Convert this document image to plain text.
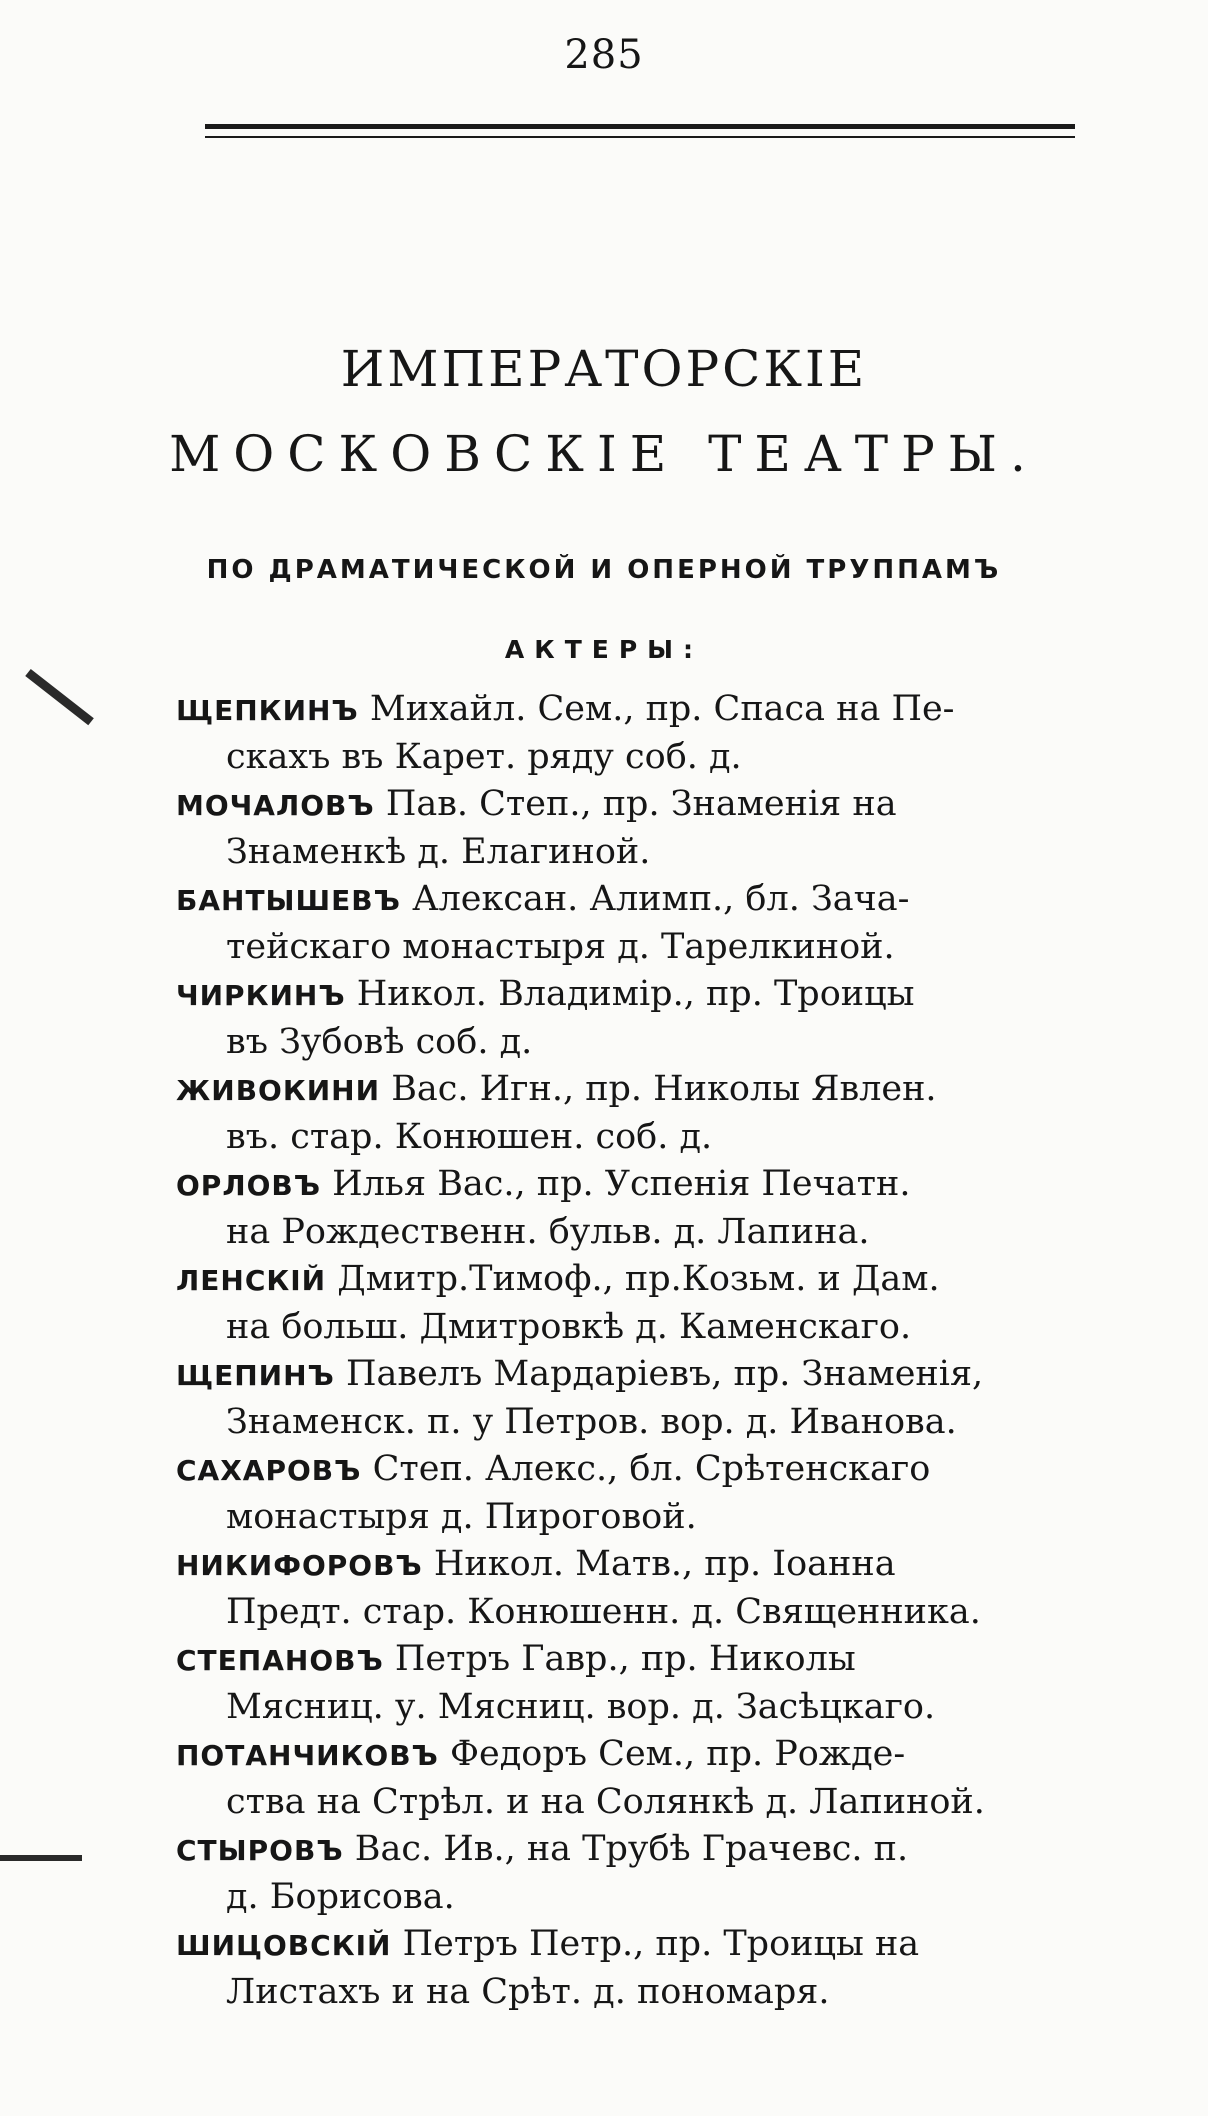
285
ИМПЕРАТОРСКІЕ
МОСКОВСКІЕ ТЕАТРЫ.
ПО ДРАМАТИЧЕСКОЙ И ОПЕРНОЙ ТРУППАМЪ
АКТЕРЫ:
ЩЕПКИНЪ Михайл. Сем., пр. Спаса на Пе-
скахъ въ Карет. ряду соб. д.
МОЧАЛОВЪ Пав. Степ., пр. Знаменія на
Знаменкѣ д. Елагиной.
БАНТЫШЕВЪ Алексан. Алимп., бл. Зача-
тейскаго монастыря д. Тарелкиной.
ЧИРКИНЪ Никол. Владимір., пр. Троицы
въ Зубовѣ соб. д.
ЖИВОКИНИ Вас. Игн., пр. Николы Явлен.
въ. стар. Конюшен. соб. д.
ОРЛОВЪ Илья Вас., пр. Успенія Печатн.
на Рождественн. бульв. д. Лапина.
ЛЕНСКІЙ Дмитр.Тимоф., пр.Козьм. и Дам.
на больш. Дмитровкѣ д. Каменскаго.
ЩЕПИНЪ Павелъ Мардаріевъ, пр. Знаменія,
Знаменск. п. у Петров. вор. д. Иванова.
САХАРОВЪ Степ. Алекс., бл. Срѣтенскаго
монастыря д. Пироговой.
НИКИФОРОВЪ Никол. Матв., пр. Іоанна
Предт. стар. Конюшенн. д. Священника.
СТЕПАНОВЪ Петръ Гавр., пр. Николы
Мясниц. у. Мясниц. вор. д. Засѣцкаго.
ПОТАНЧИКОВЪ Федоръ Сем., пр. Рожде-
ства на Стрѣл. и на Солянкѣ д. Лапиной.
СТЫРОВЪ Вас. Ив., на Трубѣ Грачевс. п.
д. Борисова.
ШИЦОВСКІЙ Петръ Петр., пр. Троицы на
Листахъ и на Срѣт. д. пономаря.
